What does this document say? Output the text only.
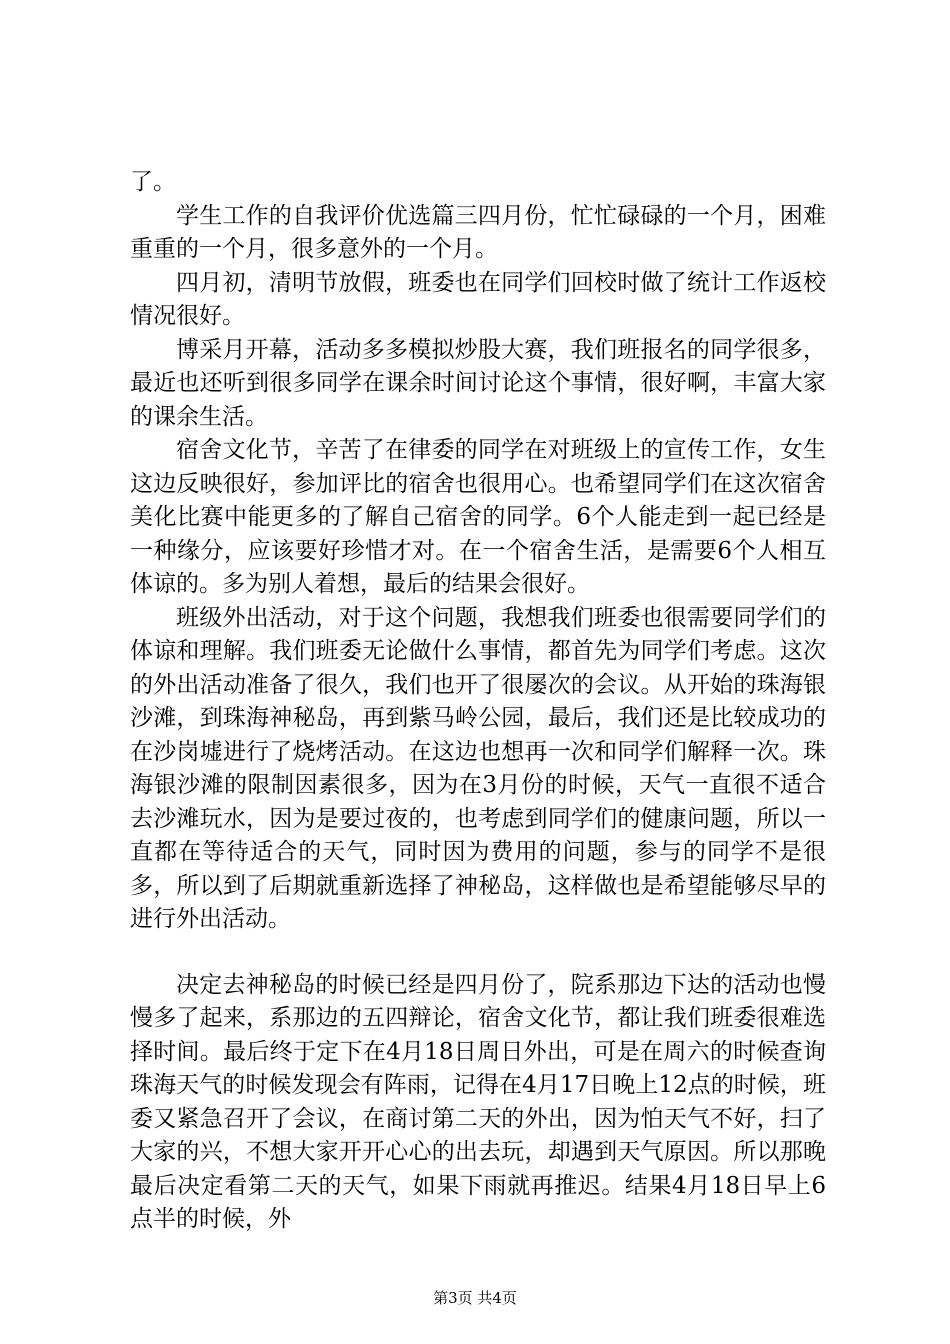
了。

学生工作的自我评价优选篇三四月份，忙忙碌碌的一个月，困难重重的一个月，很多意外的一个月。

四月初，清明节放假，班委也在同学们回校时做了统计工作返校情况很好。

博采月开幕，活动多多模拟炒股大赛，我们班报名的同学很多，最近也还听到很多同学在课余时间讨论这个事情，很好啊，丰富大家的课余生活。

宿舍文化节，辛苦了在律委的同学在对班级上的宣传工作，女生这边反映很好，参加评比的宿舍也很用心。也希望同学们在这次宿舍美化比赛中能更多的了解自己宿舍的同学。6个人能走到一起已经是一种缘分，应该要好珍惜才对。在一个宿舍生活，是需要6个人相互体谅的。多为别人着想，最后的结果会很好。

班级外出活动，对于这个问题，我想我们班委也很需要同学们的体谅和理解。我们班委无论做什么事情，都首先为同学们考虑。这次的外出活动准备了很久，我们也开了很屡次的会议。从开始的珠海银沙滩，到珠海神秘岛，再到紫马岭公园，最后，我们还是比较成功的在沙岗墟进行了烧烤活动。在这边也想再一次和同学们解释一次。珠海银沙滩的限制因素很多，因为在3月份的时候，天气一直很不适合去沙滩玩水，因为是要过夜的，也考虑到同学们的健康问题，所以一直都在等待适合的天气，同时因为费用的问题，参与的同学不是很多，所以到了后期就重新选择了神秘岛，这样做也是希望能够尽早的进行外出活动。

决定去神秘岛的时候已经是四月份了，院系那边下达的活动也慢慢多了起来，系那边的五四辩论，宿舍文化节，都让我们班委很难选择时间。最后终于定下在4月18日周日外出，可是在周六的时候查询珠海天气的时候发现会有阵雨，记得在4月17日晚上12点的时候，班委又紧急召开了会议，在商讨第二天的外出，因为怕天气不好，扫了大家的兴，不想大家开开心心的出去玩，却遇到天气原因。所以那晚最后决定看第二天的天气，如果下雨就再推迟。结果4月18日早上6点半的时候，外

第3页 共4页
